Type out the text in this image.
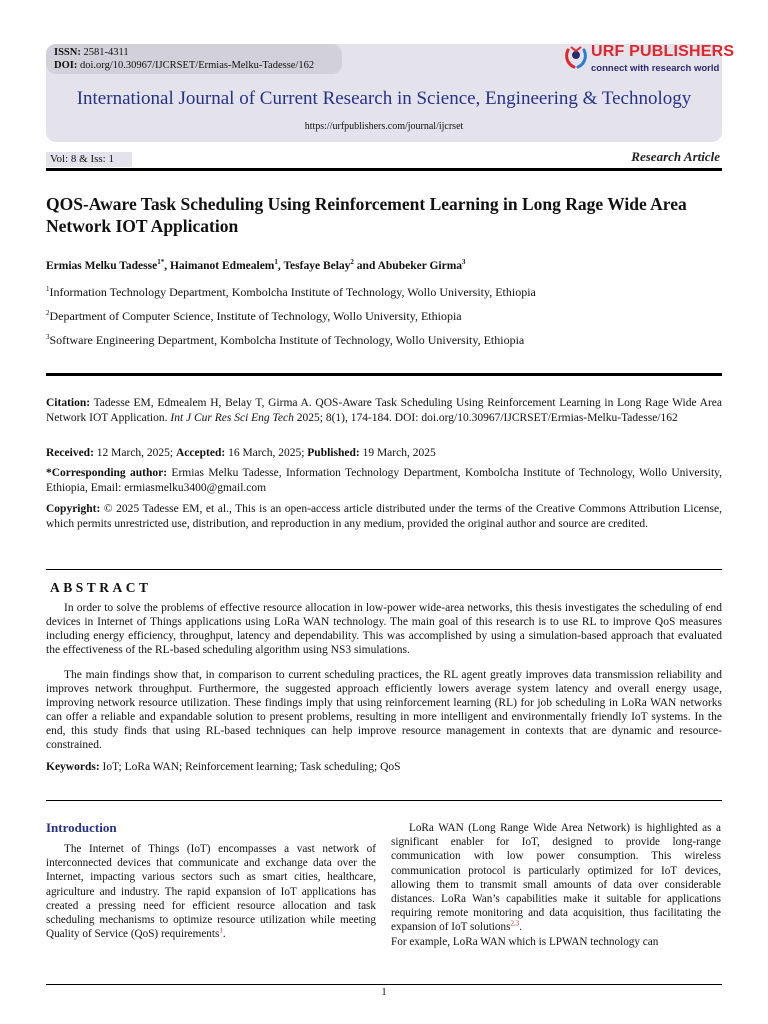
ISSN: 2581-4311
DOI: doi.org/10.30967/IJCRSET/Ermias-Melku-Tadesse/162
URF PUBLISHERS
connect with research world
International Journal of Current Research in Science, Engineering & Technology
https://urfpublishers.com/journal/ijcrset
Vol: 8 & Iss: 1	Research Article
QOS-Aware Task Scheduling Using Reinforcement Learning in Long Rage Wide Area Network IOT Application
Ermias Melku Tadesse$^{1*}$, Haimanot Edmealem$^1$, Tesfaye Belay$^2$ and Abubeker Girma$^3$
$^1$Information Technology Department, Kombolcha Institute of Technology, Wollo University, Ethiopia
$^2$Department of Computer Science, Institute of Technology, Wollo University, Ethiopia
$^3$Software Engineering Department, Kombolcha Institute of Technology, Wollo University, Ethiopia
Citation: Tadesse EM, Edmealem H, Belay T, Girma A. QOS-Aware Task Scheduling Using Reinforcement Learning in Long Rage Wide Area Network IOT Application. Int J Cur Res Sci Eng Tech 2025; 8(1), 174-184. DOI: doi.org/10.30967/IJCRSET/Ermias-Melku-Tadesse/162
Received: 12 March, 2025; Accepted: 16 March, 2025; Published: 19 March, 2025
*Corresponding author: Ermias Melku Tadesse, Information Technology Department, Kombolcha Institute of Technology, Wollo University, Ethiopia, Email: ermiasmelku3400@gmail.com
Copyright: © 2025 Tadesse EM, et al., This is an open-access article distributed under the terms of the Creative Commons Attribution License, which permits unrestricted use, distribution, and reproduction in any medium, provided the original author and source are credited.
ABSTRACT
In order to solve the problems of effective resource allocation in low-power wide-area networks, this thesis investigates the scheduling of end devices in Internet of Things applications using LoRa WAN technology. The main goal of this research is to use RL to improve QoS measures including energy efficiency, throughput, latency and dependability. This was accomplished by using a simulation-based approach that evaluated the effectiveness of the RL-based scheduling algorithm using NS3 simulations.
The main findings show that, in comparison to current scheduling practices, the RL agent greatly improves data transmission reliability and improves network throughput. Furthermore, the suggested approach efficiently lowers average system latency and overall energy usage, improving network resource utilization. These findings imply that using reinforcement learning (RL) for job scheduling in LoRa WAN networks can offer a reliable and expandable solution to present problems, resulting in more intelligent and environmentally friendly IoT systems. In the end, this study finds that using RL-based techniques can help improve resource management in contexts that are dynamic and resource-constrained.
Keywords: IoT; LoRa WAN; Reinforcement learning; Task scheduling; QoS
Introduction

The Internet of Things (IoT) encompasses a vast network of interconnected devices that communicate and exchange data over the Internet, impacting various sectors such as smart cities, healthcare, agriculture and industry. The rapid expansion of IoT applications has created a pressing need for efficient resource allocation and task scheduling mechanisms to optimize resource utilization while meeting Quality of Service (QoS) requirements$^1$.

LoRa WAN (Long Range Wide Area Network) is highlighted as a significant enabler for IoT, designed to provide long-range communication with low power consumption. This wireless communication protocol is particularly optimized for IoT devices, allowing them to transmit small amounts of data over considerable distances. LoRa Wan’s capabilities make it suitable for applications requiring remote monitoring and data acquisition, thus facilitating the expansion of IoT solutions$^{2,3}$.

For example, LoRa WAN which is LPWAN technology can
1
